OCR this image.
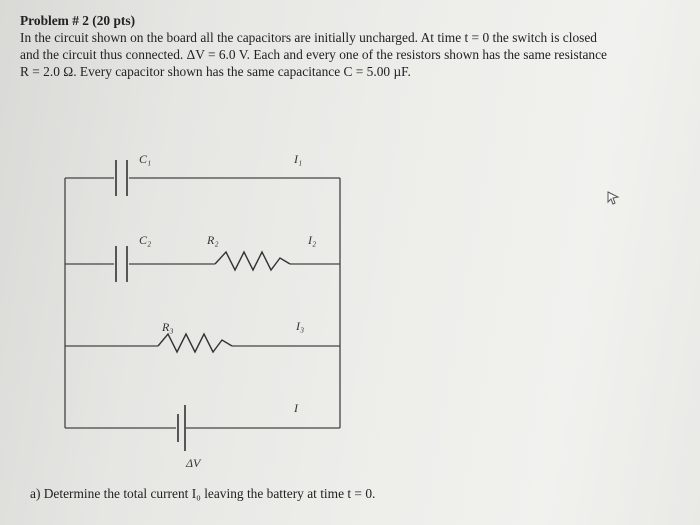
Problem # 2 (20 pts)

In the circuit shown on the board all the capacitors are initially uncharged. At time t = 0 the switch is closed

and the circuit thus connected. ΔV = 6.0 V. Each and every one of the resistors shown has the same resistance

R = 2.0 Ω. Every capacitor shown has the same capacitance C = 5.00 µF.

C₁	I₁
C₂	R₂	I₂
R₃	I₃
I
ΔV
a) Determine the total current I₀ leaving the battery at time t = 0.
